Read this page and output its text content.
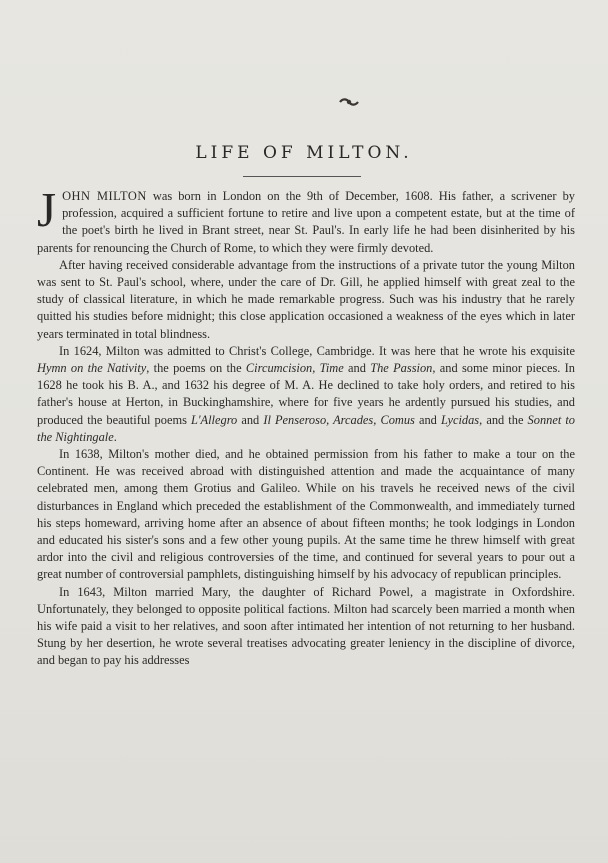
LIFE OF MILTON.

JOHN MILTON was born in London on the 9th of December, 1608. His father, a scrivener by profession, acquired a sufficient fortune to retire and live upon a competent estate, but at the time of the poet's birth he lived in Brant street, near St. Paul's. In early life he had been disinherited by his parents for renouncing the Church of Rome, to which they were firmly devoted.

After having received considerable advantage from the instructions of a private tutor the young Milton was sent to St. Paul's school, where, under the care of Dr. Gill, he applied himself with great zeal to the study of classical literature, in which he made remarkable progress. Such was his industry that he rarely quitted his studies before midnight; this close application occasioned a weakness of the eyes which in later years terminated in total blindness.

In 1624, Milton was admitted to Christ's College, Cambridge. It was here that he wrote his exquisite Hymn on the Nativity, the poems on the Circumcision, Time and The Passion, and some minor pieces. In 1628 he took his B. A., and 1632 his degree of M. A. He declined to take holy orders, and retired to his father's house at Herton, in Buckinghamshire, where for five years he ardently pursued his studies, and produced the beautiful poems L'Allegro and Il Penseroso, Arcades, Comus and Lycidas, and the Sonnet to the Nightingale.

In 1638, Milton's mother died, and he obtained permission from his father to make a tour on the Continent. He was received abroad with distinguished attention and made the acquaintance of many celebrated men, among them Grotius and Galileo. While on his travels he received news of the civil disturbances in England which preceded the establishment of the Commonwealth, and immediately turned his steps homeward, arriving home after an absence of about fifteen months; he took lodgings in London and educated his sister's sons and a few other young pupils. At the same time he threw himself with great ardor into the civil and religious controversies of the time, and continued for several years to pour out a great number of controversial pamphlets, distinguishing himself by his advocacy of republican principles.

In 1643, Milton married Mary, the daughter of Richard Powel, a magistrate in Oxfordshire. Unfortunately, they belonged to opposite political factions. Milton had scarcely been married a month when his wife paid a visit to her relatives, and soon after intimated her intention of not returning to her husband. Stung by her desertion, he wrote several treatises advocating greater leniency in the discipline of divorce, and began to pay his addresses
